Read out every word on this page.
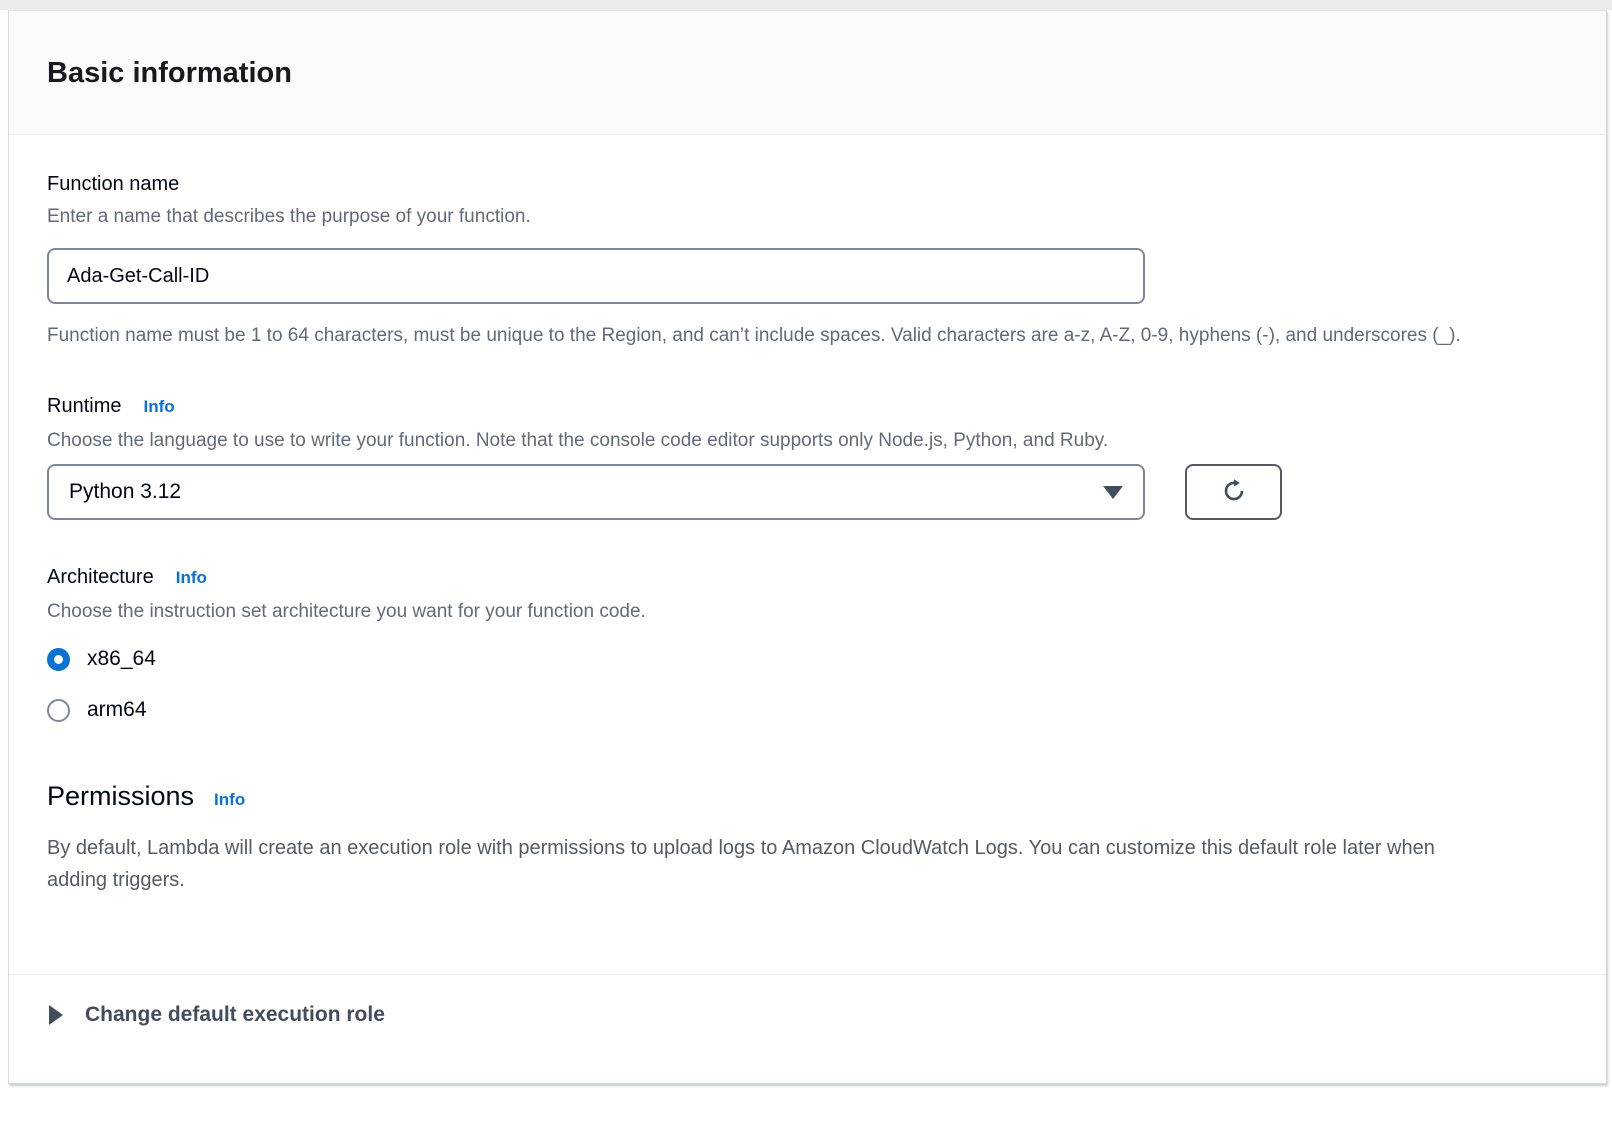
Basic information
Function name
Enter a name that describes the purpose of your function.
Ada-Get-Call-ID
Function name must be 1 to 64 characters, must be unique to the Region, and can’t include spaces. Valid characters are a-z, A-Z, 0-9, hyphens (-), and underscores (_).
Runtime Info
Choose the language to use to write your function. Note that the console code editor supports only Node.js, Python, and Ruby.
Python 3.12
Architecture Info
Choose the instruction set architecture you want for your function code.
x86_64
arm64
Permissions Info
By default, Lambda will create an execution role with permissions to upload logs to Amazon CloudWatch Logs. You can customize this default role later when adding triggers.
Change default execution role
